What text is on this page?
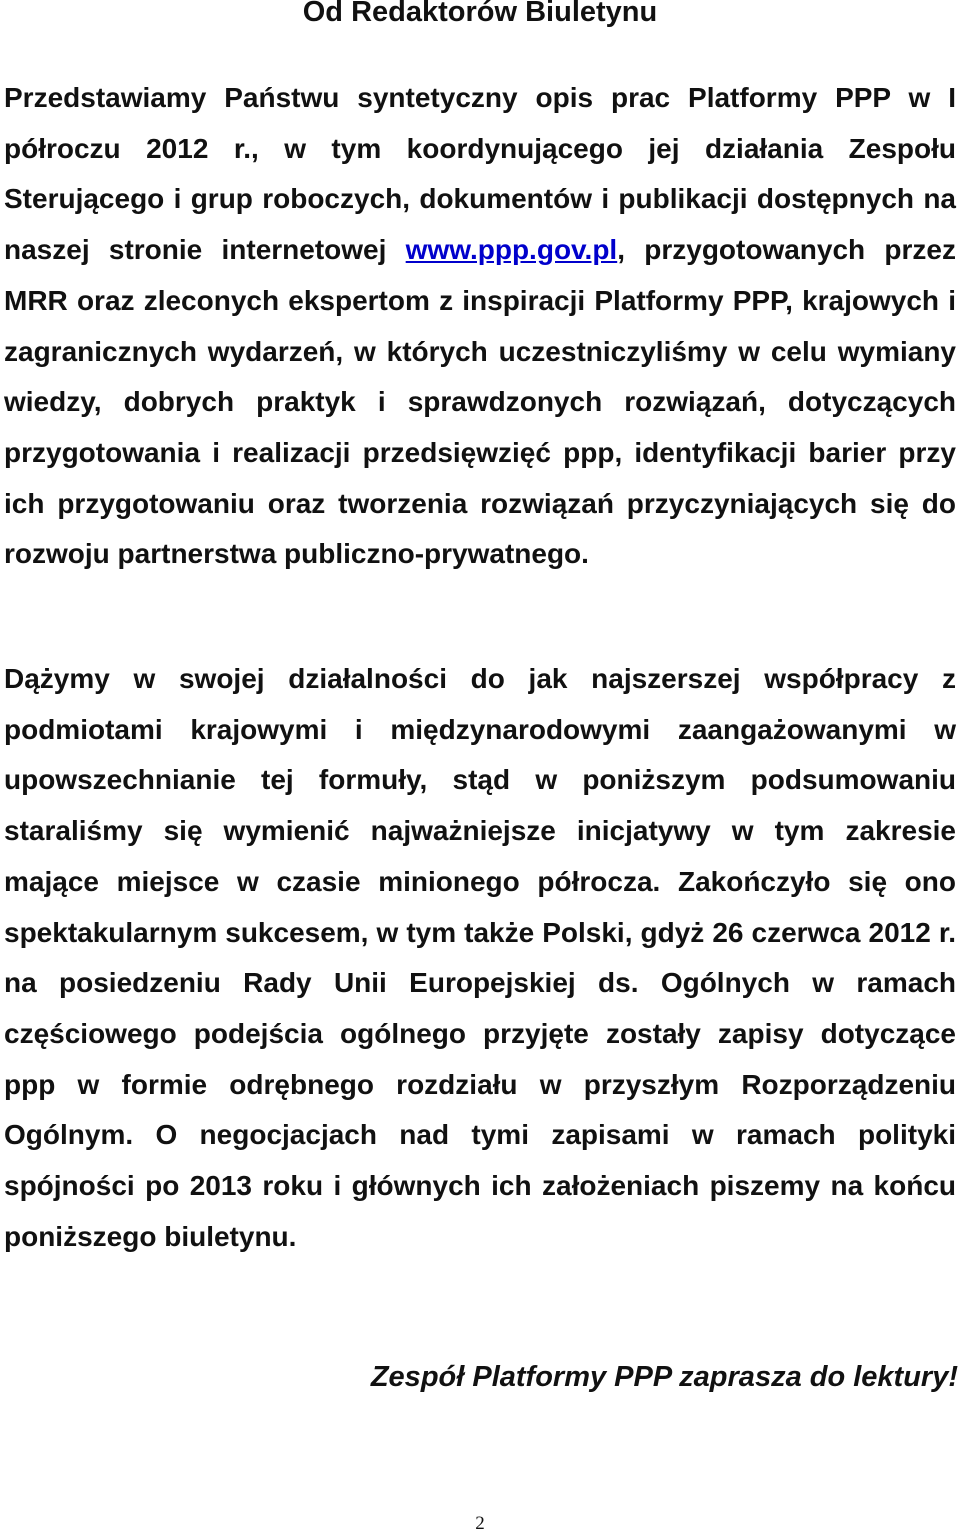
Od Redaktorów Biuletynu

Przedstawiamy Państwu syntetyczny opis prac Platformy PPP w I półroczu 2012 r., w tym koordynującego jej działania Zespołu Sterującego i grup roboczych, dokumentów i publikacji dostępnych na naszej stronie internetowej www.ppp.gov.pl, przygotowanych przez MRR oraz zleconych ekspertom z inspiracji Platformy PPP, krajowych i zagranicznych wydarzeń, w których uczestniczyliśmy w celu wymiany wiedzy, dobrych praktyk i sprawdzonych rozwiązań, dotyczących przygotowania i realizacji przedsięwzięć ppp, identyfikacji barier przy ich przygotowaniu oraz tworzenia rozwiązań przyczyniających się do rozwoju partnerstwa publiczno-prywatnego.

Dążymy w swojej działalności do jak najszerszej współpracy z podmiotami krajowymi i międzynarodowymi zaangażowanymi w upowszechnianie tej formuły, stąd w poniższym podsumowaniu staraliśmy się wymienić najważniejsze inicjatywy w tym zakresie mające miejsce w czasie minionego półrocza. Zakończyło się ono spektakularnym sukcesem, w tym także Polski, gdyż 26 czerwca 2012 r. na posiedzeniu Rady Unii Europejskiej ds. Ogólnych w ramach częściowego podejścia ogólnego przyjęte zostały zapisy dotyczące ppp w formie odrębnego rozdziału w przyszłym Rozporządzeniu Ogólnym. O negocjacjach nad tymi zapisami w ramach polityki spójności po 2013 roku i głównych ich założeniach piszemy na końcu poniższego biuletynu.

Zespół Platformy PPP zaprasza do lektury!

2
